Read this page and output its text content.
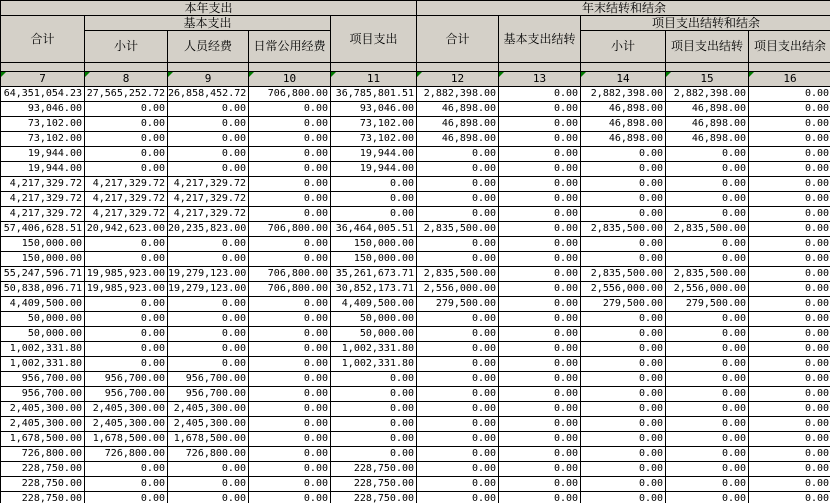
本年支出					年末结转和结余				
合计	基本支出			项目支出	合计	基本支出结转	项目支出结转和结余		
	小计	人员经费	日常公用经费				小计	项目支出结转	项目支出结余

7	8	9	10	11	12	13	14	15	16
64,351,054.23	27,565,252.72	26,858,452.72	706,800.00	36,785,801.51	2,882,398.00	0.00	2,882,398.00	2,882,398.00	0.00
93,046.00	0.00	0.00	0.00	93,046.00	46,898.00	0.00	46,898.00	46,898.00	0.00
73,102.00	0.00	0.00	0.00	73,102.00	46,898.00	0.00	46,898.00	46,898.00	0.00
73,102.00	0.00	0.00	0.00	73,102.00	46,898.00	0.00	46,898.00	46,898.00	0.00
19,944.00	0.00	0.00	0.00	19,944.00	0.00	0.00	0.00	0.00	0.00
19,944.00	0.00	0.00	0.00	19,944.00	0.00	0.00	0.00	0.00	0.00
4,217,329.72	4,217,329.72	4,217,329.72	0.00	0.00	0.00	0.00	0.00	0.00	0.00
4,217,329.72	4,217,329.72	4,217,329.72	0.00	0.00	0.00	0.00	0.00	0.00	0.00
4,217,329.72	4,217,329.72	4,217,329.72	0.00	0.00	0.00	0.00	0.00	0.00	0.00
57,406,628.51	20,942,623.00	20,235,823.00	706,800.00	36,464,005.51	2,835,500.00	0.00	2,835,500.00	2,835,500.00	0.00
150,000.00	0.00	0.00	0.00	150,000.00	0.00	0.00	0.00	0.00	0.00
150,000.00	0.00	0.00	0.00	150,000.00	0.00	0.00	0.00	0.00	0.00
55,247,596.71	19,985,923.00	19,279,123.00	706,800.00	35,261,673.71	2,835,500.00	0.00	2,835,500.00	2,835,500.00	0.00
50,838,096.71	19,985,923.00	19,279,123.00	706,800.00	30,852,173.71	2,556,000.00	0.00	2,556,000.00	2,556,000.00	0.00
4,409,500.00	0.00	0.00	0.00	4,409,500.00	279,500.00	0.00	279,500.00	279,500.00	0.00
50,000.00	0.00	0.00	0.00	50,000.00	0.00	0.00	0.00	0.00	0.00
50,000.00	0.00	0.00	0.00	50,000.00	0.00	0.00	0.00	0.00	0.00
1,002,331.80	0.00	0.00	0.00	1,002,331.80	0.00	0.00	0.00	0.00	0.00
1,002,331.80	0.00	0.00	0.00	1,002,331.80	0.00	0.00	0.00	0.00	0.00
956,700.00	956,700.00	956,700.00	0.00	0.00	0.00	0.00	0.00	0.00	0.00
956,700.00	956,700.00	956,700.00	0.00	0.00	0.00	0.00	0.00	0.00	0.00
2,405,300.00	2,405,300.00	2,405,300.00	0.00	0.00	0.00	0.00	0.00	0.00	0.00
2,405,300.00	2,405,300.00	2,405,300.00	0.00	0.00	0.00	0.00	0.00	0.00	0.00
1,678,500.00	1,678,500.00	1,678,500.00	0.00	0.00	0.00	0.00	0.00	0.00	0.00
726,800.00	726,800.00	726,800.00	0.00	0.00	0.00	0.00	0.00	0.00	0.00
228,750.00	0.00	0.00	0.00	228,750.00	0.00	0.00	0.00	0.00	0.00
228,750.00	0.00	0.00	0.00	228,750.00	0.00	0.00	0.00	0.00	0.00
228,750.00	0.00	0.00	0.00	228,750.00	0.00	0.00	0.00	0.00	0.00
